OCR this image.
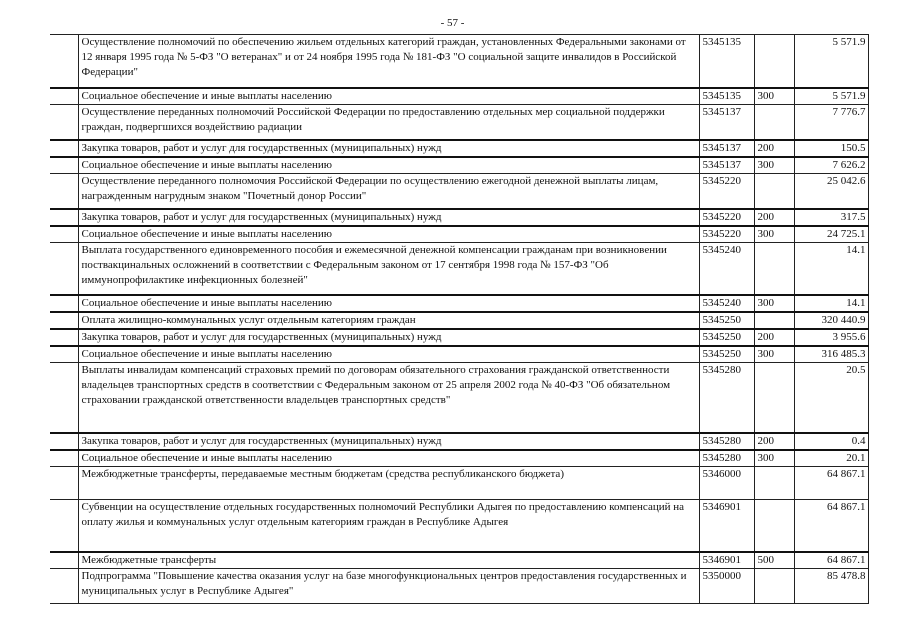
- 57 -
	Осуществление полномочий по обеспечению жильем отдельных категорий граждан, установленных Федеральными законами от 12 января 1995 года № 5-ФЗ "О ветеранах" и от 24 ноября 1995 года № 181-ФЗ "О социальной защите инвалидов в Российской Федерации"	5345135		5 571.9
	Социальное обеспечение и иные выплаты населению	5345135	300	5 571.9
	Осуществление переданных полномочий Российской Федерации по предоставлению отдельных мер социальной поддержки граждан, подвергшихся воздействию радиации	5345137		7 776.7
	Закупка товаров, работ и услуг для государственных (муниципальных) нужд	5345137	200	150.5
	Социальное обеспечение и иные выплаты населению	5345137	300	7 626.2
	Осуществление переданного полномочия Российской Федерации по осуществлению ежегодной денежной выплаты лицам, награжденным нагрудным знаком "Почетный донор России"	5345220		25 042.6
	Закупка товаров, работ и услуг для государственных (муниципальных) нужд	5345220	200	317.5
	Социальное обеспечение и иные выплаты населению	5345220	300	24 725.1
	Выплата государственного единовременного пособия и ежемесячной денежной компенсации гражданам при возникновении поствакцинальных осложнений в соответствии с Федеральным законом от 17 сентября 1998 года № 157-ФЗ "Об иммунопрофилактике инфекционных болезней"	5345240		14.1
	Социальное обеспечение и иные выплаты населению	5345240	300	14.1
	Оплата жилищно-коммунальных услуг отдельным категориям граждан	5345250		320 440.9
	Закупка товаров, работ и услуг для государственных (муниципальных) нужд	5345250	200	3 955.6
	Социальное обеспечение и иные выплаты населению	5345250	300	316 485.3
	Выплаты инвалидам компенсаций страховых премий по договорам обязательного страхования гражданской ответственности владельцев транспортных средств в соответствии с Федеральным законом от 25 апреля 2002 года № 40-ФЗ "Об обязательном страховании гражданской ответственности владельцев транспортных средств"	5345280		20.5
	Закупка товаров, работ и услуг для государственных (муниципальных) нужд	5345280	200	0.4
	Социальное обеспечение и иные выплаты населению	5345280	300	20.1
	Межбюджетные трансферты, передаваемые местным бюджетам (средства республиканского бюджета)	5346000		64 867.1
	Субвенции на осуществление отдельных государственных полномочий Республики Адыгея по предоставлению компенсаций на оплату жилья и коммунальных услуг отдельным категориям граждан в Республике Адыгея	5346901		64 867.1
	Межбюджетные трансферты	5346901	500	64 867.1
	Подпрограмма "Повышение качества оказания услуг на базе многофункциональных центров предоставления государственных и муниципальных услуг в Республике Адыгея"	5350000		85 478.8
